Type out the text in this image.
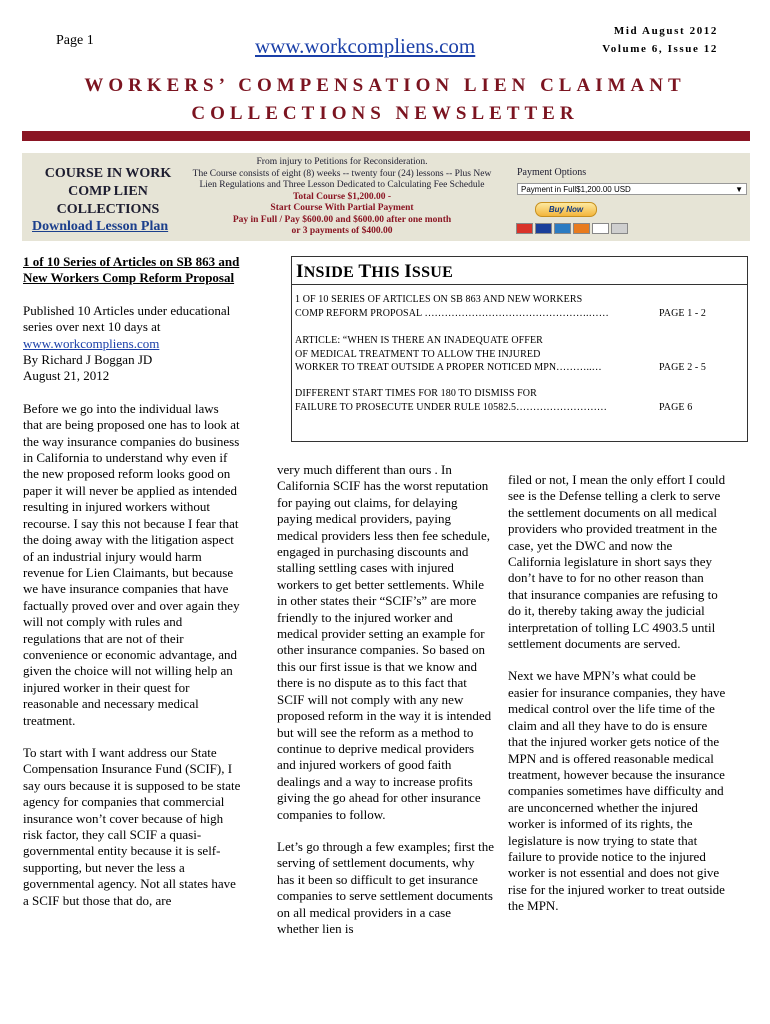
Page 1	www.workcompliens.com
Mid August 2012
Volume 6, Issue 12
WORKERS’ COMPENSATION LIEN CLAIMANT
COLLECTIONS NEWSLETTER
COURSE IN WORK
COMP LIEN
COLLECTIONS
Download Lesson Plan
From injury to Petitions for Reconsideration.
The Course consists of eight (8) weeks -- twenty four (24) lessons -- Plus New
Lien Regulations and Three Lesson Dedicated to Calculating Fee Schedule
Total Course $1,200.00 -
Start Course With Partial Payment
Pay in Full / Pay $600.00 and $600.00 after one month
or 3 payments of $400.00
Payment Options
Payment in Full$1,200.00 USD	▼
Buy Now

1 of 10 Series of Articles on SB 863 and New Workers Comp Reform Proposal

Published 10 Articles under educational series over next 10 days at www.workcompliens.com
By Richard J Boggan JD
August 21, 2012

Before we go into the individual laws that are being proposed one has to look at the way insurance companies do business in California to understand why even if the new proposed reform looks good on paper it will never be applied as intended resulting in injured workers without recourse. I say this not because I fear that the doing away with the litigation aspect of an industrial injury would harm revenue for Lien Claimants, but because we have insurance companies that have factually proved over and over again they will not comply with rules and regulations that are not of their convenience or economic advantage, and given the choice will not willing help an injured worker in their quest for reasonable and necessary medical treatment.

To start with I want address our State Compensation Insurance Fund (SCIF), I say ours because it is supposed to be state agency for companies that commercial insurance won’t cover because of high risk factor, they call SCIF a quasi-governmental entity because it is self-supporting, but never the less a governmental agency. Not all states have a SCIF but those that do, are

INSIDE THIS ISSUE
1 OF 10 SERIES OF ARTICLES ON SB 863 AND NEW WORKERS
COMP REFORM PROPOSAL ………………………………………….……	PAGE 1 - 2
ARTICLE: “WHEN IS THERE AN INADEQUATE OFFER
OF MEDICAL TREATMENT TO ALLOW THE INJURED
WORKER TO TREAT OUTSIDE A PROPER NOTICED MPN………..…	PAGE 2 - 5
DIFFERENT START TIMES FOR 180 TO DISMISS FOR
FAILURE TO PROSECUTE UNDER RULE 10582.5………………………	PAGE 6

very much different than ours . In California SCIF has the worst reputation for paying out claims, for delaying paying medical providers, paying medical providers less then fee schedule, engaged in purchasing discounts and stalling settling cases with injured workers to get better settlements. While in other states their “SCIF’s” are more friendly to the injured worker and medical provider setting an example for other insurance companies. So based on this our first issue is that we know and there is no dispute as to this fact that SCIF will not comply with any new proposed reform in the way it is intended but will see the reform as a method to continue to deprive medical providers and injured workers of good faith dealings and a way to increase profits giving the go ahead for other insurance companies to follow.

Let’s go through a few examples; first the serving of settlement documents, why has it been so difficult to get insurance companies to serve settlement documents on all medical providers in a case whether lien is

filed or not, I mean the only effort I could see is the Defense telling a clerk to serve the settlement documents on all medical providers who provided treatment in the case, yet the DWC and now the California legislature in short says they don’t have to for no other reason than that insurance companies are refusing to do it, thereby taking away the judicial interpretation of tolling LC 4903.5 until settlement documents are served.

Next we have MPN’s what could be easier for insurance companies, they have medical control over the life time of the claim and all they have to do is ensure that the injured worker gets notice of the MPN and is offered reasonable medical treatment, however because the insurance companies sometimes have difficulty and are unconcerned whether the injured worker is informed of its rights, the legislature is now trying to state that failure to provide notice to the injured worker is not essential and does not give rise for the injured worker to treat outside the MPN.
